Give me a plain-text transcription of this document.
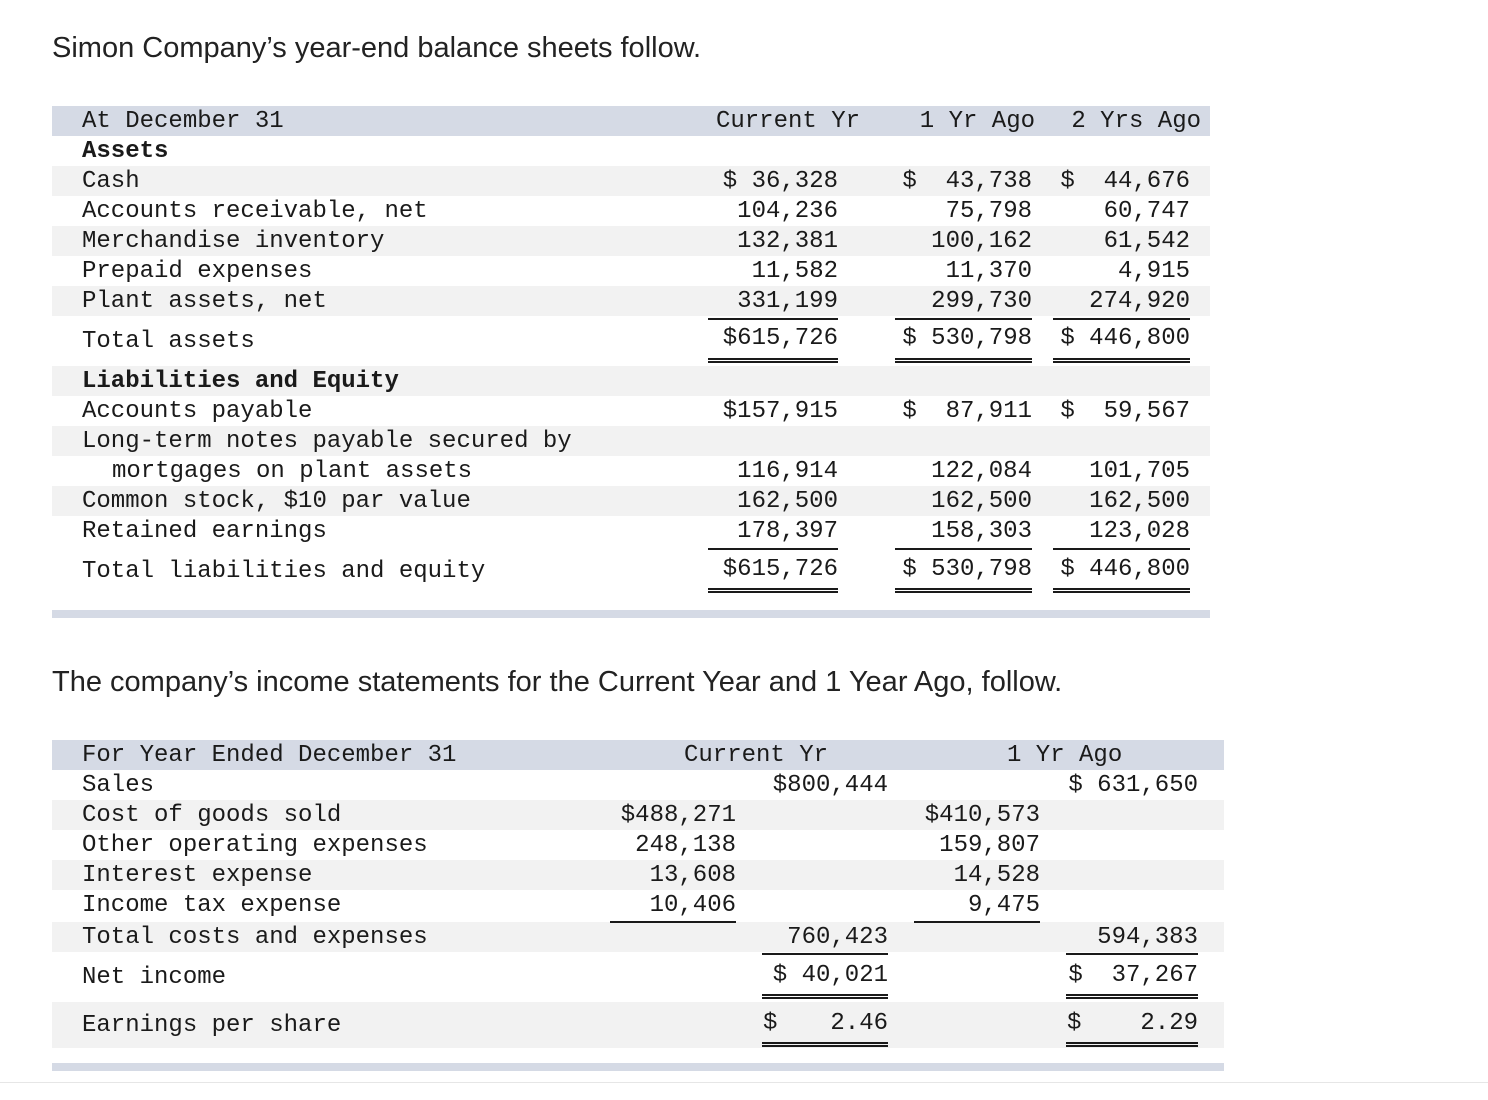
Simon Company’s year-end balance sheets follow.
The company’s income statements for the Current Year and 1 Year Ago, follow.
At December 31	Current Yr	1 Yr Ago	2 Yrs Ago
Assets
Cash	$ 36,328	$  43,738	$  44,676
Accounts receivable, net	104,236	75,798	60,747
Merchandise inventory	132,381	100,162	61,542
Prepaid expenses	11,582	11,370	4,915
Plant assets, net	331,199	299,730	274,920
Total assets	$615,726	$ 530,798	$ 446,800
Liabilities and Equity
Accounts payable	$157,915	$  87,911	$  59,567
Long-term notes payable secured by
mortgages on plant assets	116,914	122,084	101,705
Common stock, $10 par value	162,500	162,500	162,500
Retained earnings	178,397	158,303	123,028
Total liabilities and equity	$615,726	$ 530,798	$ 446,800
For Year Ended December 31	Current Yr	1 Yr Ago
Sales	$800,444	$ 631,650
Cost of goods sold	$488,271	$410,573
Other operating expenses	248,138	159,807
Interest expense	13,608	14,528
Income tax expense	10,406	9,475
Total costs and expenses	760,423	594,383
Net income	$ 40,021	$  37,267
Earnings per share	$	2.46	$	2.29
